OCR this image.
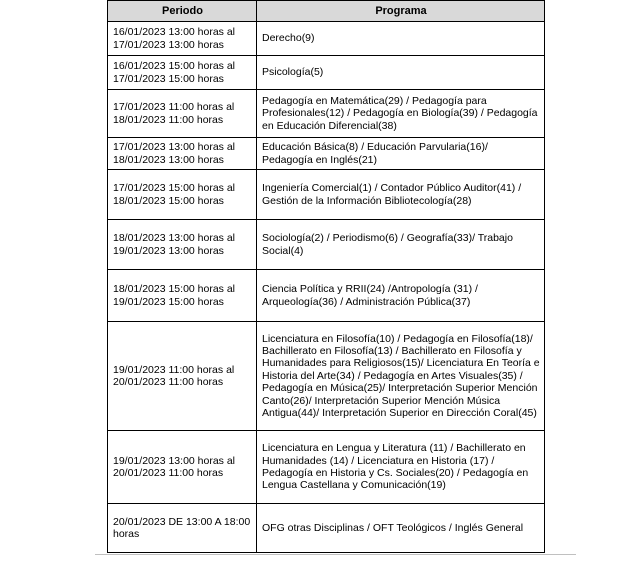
Periodo	Programa
16/01/2023 13:00 horas al 17/01/2023 13:00 horas	Derecho(9)
16/01/2023 15:00 horas al 17/01/2023 15:00 horas	Psicología(5)
17/01/2023 11:00 horas al 18/01/2023 11:00 horas	Pedagogía en Matemática(29) / Pedagogía para Profesionales(12) / Pedagogía en Biología(39) / Pedagogía en Educación Diferencial(38)
17/01/2023 13:00 horas al 18/01/2023 13:00 horas	Educación Básica(8) / Educación Parvularia(16)/ Pedagogía en Inglés(21)
17/01/2023 15:00 horas al 18/01/2023 15:00 horas	Ingeniería Comercial(1) / Contador Público Auditor(41) / Gestión de la Información Bibliotecología(28)
18/01/2023 13:00 horas al 19/01/2023 13:00 horas	Sociología(2) / Periodismo(6) / Geografía(33)/ Trabajo Social(4)
18/01/2023 15:00 horas al 19/01/2023 15:00 horas	Ciencia Política y RRII(24) /Antropología (31) / Arqueología(36) / Administración Pública(37)
19/01/2023 11:00 horas al 20/01/2023 11:00 horas	Licenciatura en Filosofía(10) / Pedagogía en Filosofía(18)/ Bachillerato en Filosofía(13) / Bachillerato en Filosofía y Humanidades para Religiosos(15)/ Licenciatura En Teoría e Historia del Arte(34) / Pedagogía en Artes Visuales(35) / Pedagogía en Música(25)/ Interpretación Superior Mención Canto(26)/ Interpretación Superior Mención Música Antigua(44)/ Interpretación Superior en Dirección Coral(45)
19/01/2023 13:00 horas al 20/01/2023 11:00 horas	Licenciatura en Lengua y Literatura (11) / Bachillerato en Humanidades (14) / Licenciatura en Historia (17) / Pedagogía en Historia y Cs. Sociales(20) / Pedagogía en Lengua Castellana y Comunicación(19)
20/01/2023 DE 13:00 A 18:00 horas	OFG otras Disciplinas / OFT Teológicos / Inglés General
